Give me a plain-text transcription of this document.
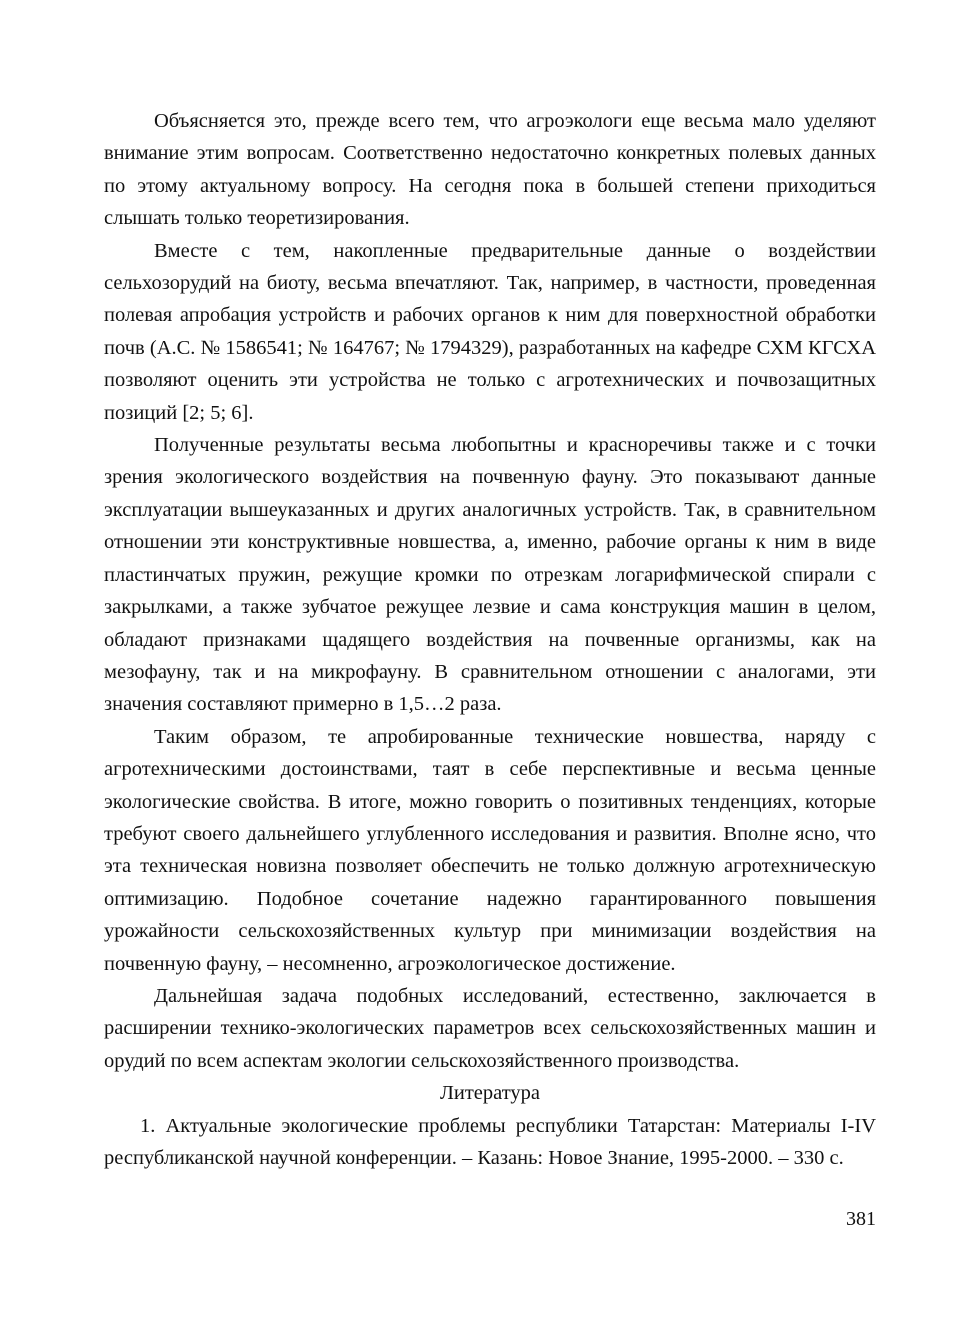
Объясняется это, прежде всего тем, что агроэкологи еще весьма мало уделяют внимание этим вопросам. Соответственно недостаточно конкретных полевых данных по этому актуальному вопросу. На сегодня пока в большей степени приходиться слышать только теоретизирования.

Вместе с тем, накопленные предварительные данные о воздействии сельхозорудий на биоту, весьма впечатляют. Так, например, в частности, проведенная полевая апробация устройств и рабочих органов к ним для поверхностной обработки почв (А.С. № 1586541; № 164767; № 1794329), разработанных на кафедре СХМ КГСХА позволяют оценить эти устройства не только с агротехнических и почвозащитных позиций [2; 5; 6].

Полученные результаты весьма любопытны и красноречивы также и с точки зрения экологического воздействия на почвенную фауну. Это показывают данные эксплуатации вышеуказанных и других аналогичных устройств. Так, в сравнительном отношении эти конструктивные новшества, а, именно, рабочие органы к ним в виде пластинчатых пружин, режущие кромки по отрезкам логарифмической спирали с закрылками, а также зубчатое режущее лезвие и сама конструкция машин в целом, обладают признаками щадящего воздействия на почвенные организмы, как на мезофауну, так и на микрофауну. В сравнительном отношении с аналогами, эти значения составляют примерно в 1,5…2 раза.

Таким образом, те апробированные технические новшества, наряду с агротехническими достоинствами, таят в себе перспективные и весьма ценные экологические свойства. В итоге, можно говорить о позитивных тенденциях, которые требуют своего дальнейшего углубленного исследования и развития. Вполне ясно, что эта техническая новизна позволяет обеспечить не только должную агротехническую оптимизацию. Подобное сочетание надежно гарантированного повышения урожайности сельскохозяйственных культур при минимизации воздействия на почвенную фауну, – несомненно, агроэкологическое достижение.

Дальнейшая задача подобных исследований, естественно, заключается в расширении технико-экологических параметров всех сельскохозяйственных машин и орудий по всем аспектам экологии сельскохозяйственного производства.

Литература

1. Актуальные экологические проблемы республики Татарстан: Материалы I-IV республиканской научной конференции. – Казань: Новое Знание, 1995-2000. – 330 с.

381
